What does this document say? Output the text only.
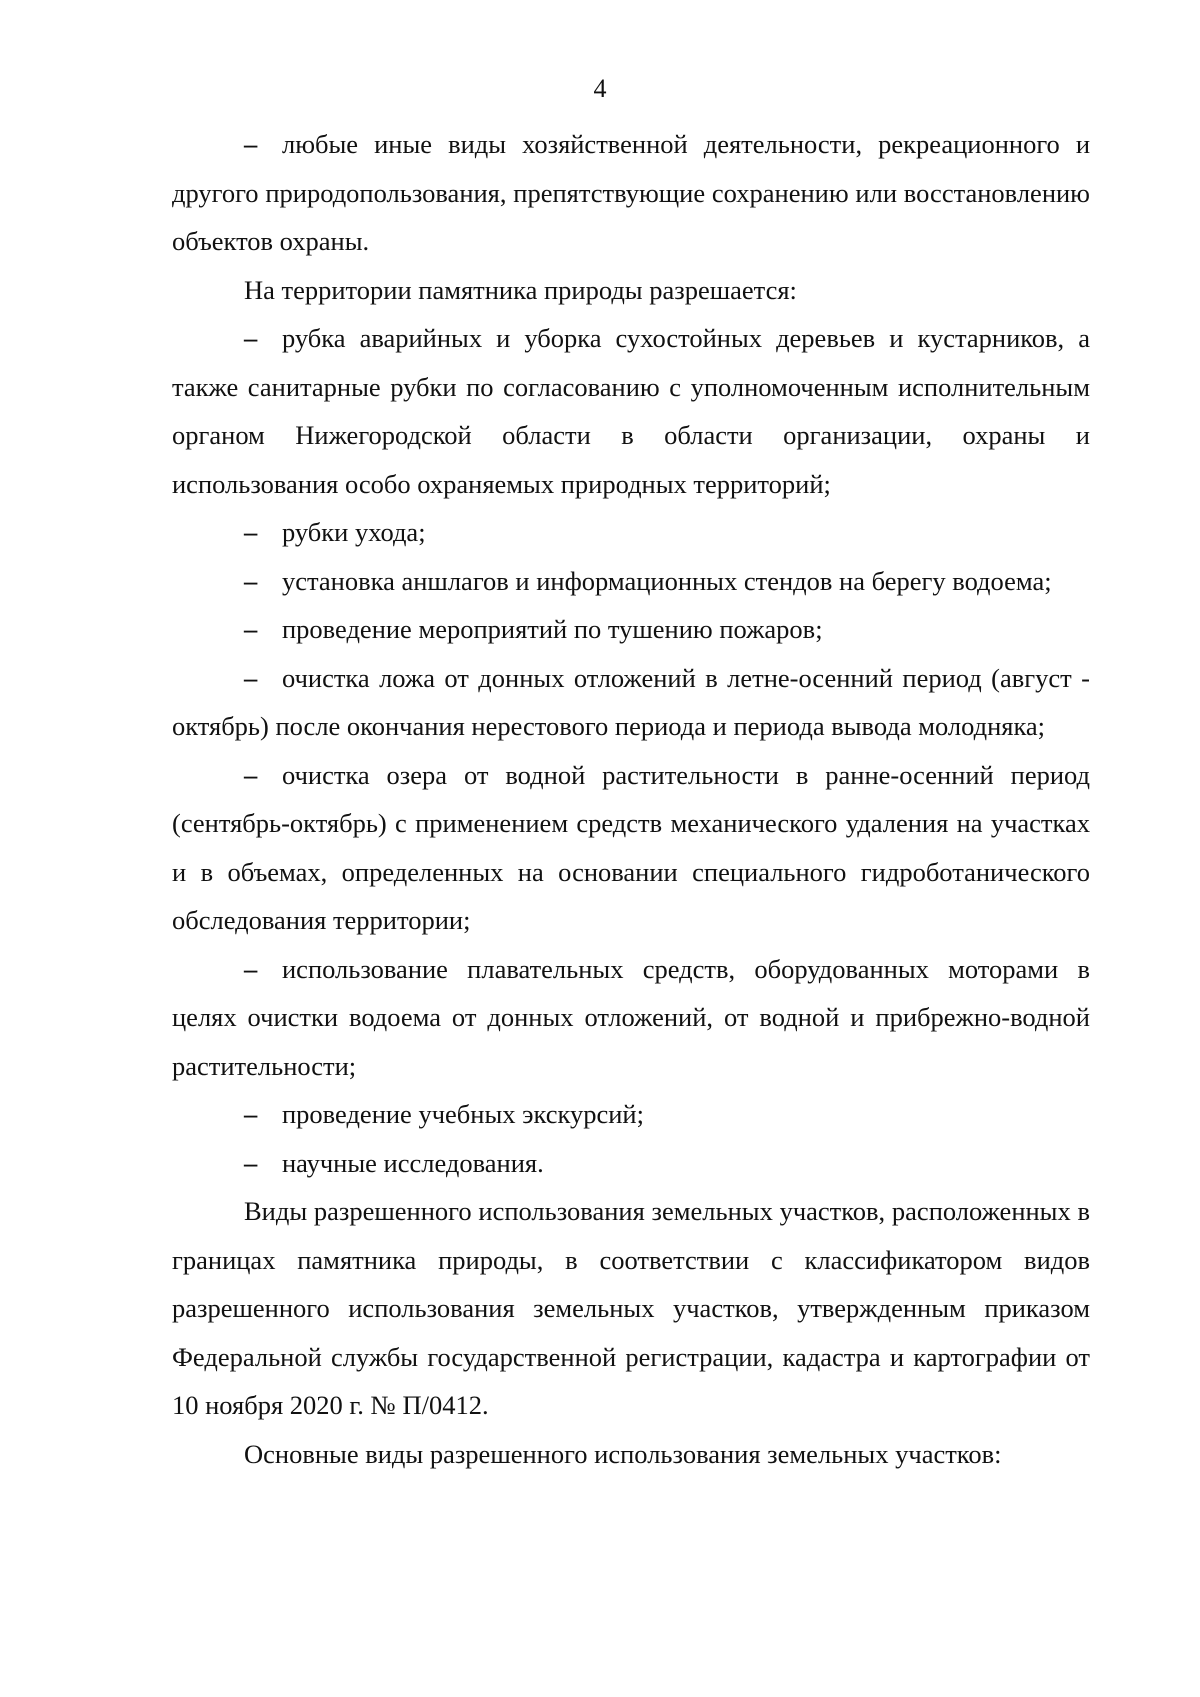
4

– любые иные виды хозяйственной деятельности, рекреационного и другого природопользования, препятствующие сохранению или восстановлению объектов охраны.

На территории памятника природы разрешается:

– рубка аварийных и уборка сухостойных деревьев и кустарников, а также санитарные рубки по согласованию с уполномоченным исполнительным органом Нижегородской области в области организации, охраны и использования особо охраняемых природных территорий;

– рубки ухода;

– установка аншлагов и информационных стендов на берегу водоема;

– проведение мероприятий по тушению пожаров;

– очистка ложа от донных отложений в летне-осенний период (август - октябрь) после окончания нерестового периода и периода вывода молодняка;

– очистка озера от водной растительности в ранне-осенний период (сентябрь-октябрь) с применением средств механического удаления на участках и в объемах, определенных на основании специального гидроботанического обследования территории;

– использование плавательных средств, оборудованных моторами в целях очистки водоема от донных отложений, от водной и прибрежно-водной растительности;

– проведение учебных экскурсий;

– научные исследования.

Виды разрешенного использования земельных участков, расположенных в границах памятника природы, в соответствии с классификатором видов разрешенного использования земельных участков, утвержденным приказом Федеральной службы государственной регистрации, кадастра и картографии от 10 ноября 2020 г. № П/0412.

Основные виды разрешенного использования земельных участков:
